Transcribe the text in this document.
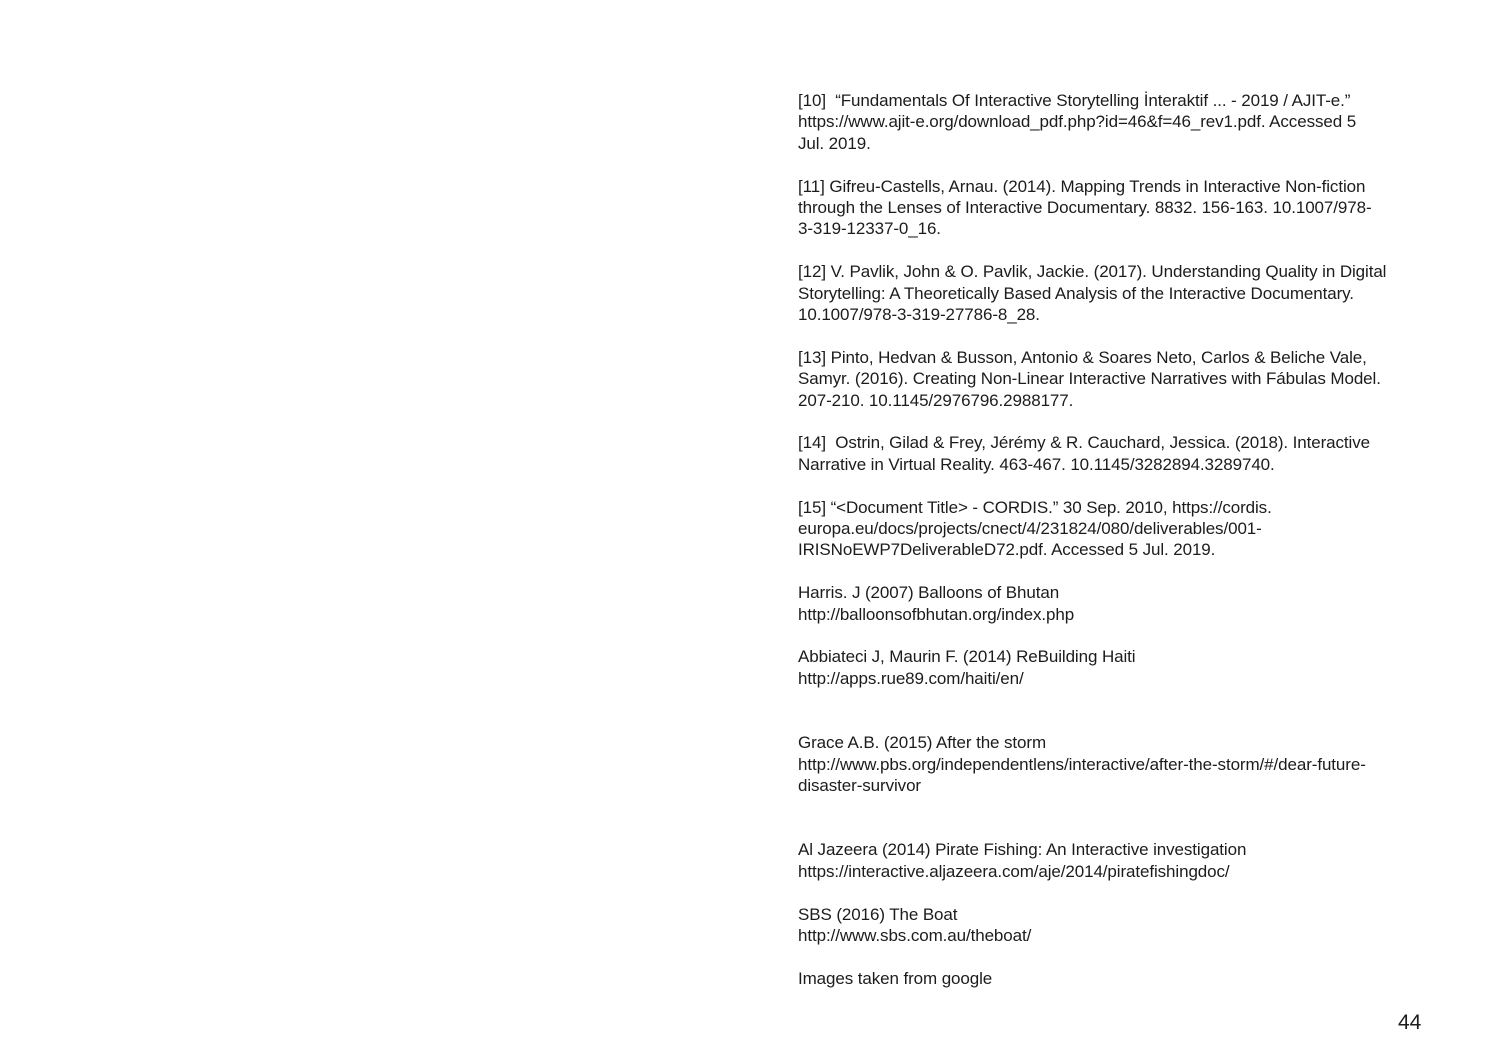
[10]  “Fundamentals Of Interactive Storytelling İnteraktif ... - 2019 / AJIT-e.”
https://www.ajit-e.org/download_pdf.php?id=46&f=46_rev1.pdf. Accessed 5
Jul. 2019.
[11] Gifreu-Castells, Arnau. (2014). Mapping Trends in Interactive Non-fiction
through the Lenses of Interactive Documentary. 8832. 156-163. 10.1007/978-
3-319-12337-0_16.
[12] V. Pavlik, John & O. Pavlik, Jackie. (2017). Understanding Quality in Digital
Storytelling: A Theoretically Based Analysis of the Interactive Documentary.
10.1007/978-3-319-27786-8_28.
[13] Pinto, Hedvan & Busson, Antonio & Soares Neto, Carlos & Beliche Vale,
Samyr. (2016). Creating Non-Linear Interactive Narratives with Fábulas Model.
207-210. 10.1145/2976796.2988177.
[14]  Ostrin, Gilad & Frey, Jérémy & R. Cauchard, Jessica. (2018). Interactive
Narrative in Virtual Reality. 463-467. 10.1145/3282894.3289740.
[15] “<Document Title> - CORDIS.” 30 Sep. 2010, https://cordis.
europa.eu/docs/projects/cnect/4/231824/080/deliverables/001-
IRISNoEWP7DeliverableD72.pdf. Accessed 5 Jul. 2019.
Harris. J (2007) Balloons of Bhutan
http://balloonsofbhutan.org/index.php
Abbiateci J, Maurin F. (2014) ReBuilding Haiti
http://apps.rue89.com/haiti/en/
Grace A.B. (2015) After the storm
http://www.pbs.org/independentlens/interactive/after-the-storm/#/dear-future-
disaster-survivor
Al Jazeera (2014) Pirate Fishing: An Interactive investigation
https://interactive.aljazeera.com/aje/2014/piratefishingdoc/
SBS (2016) The Boat
http://www.sbs.com.au/theboat/
Images taken from google
44
